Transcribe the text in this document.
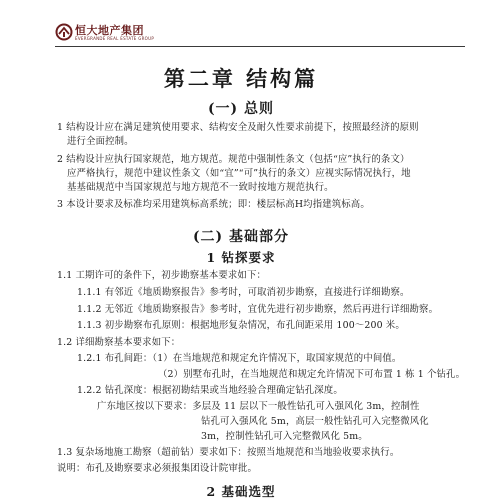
恒大地产集团
EVERGRANDE REAL ESTATE GROUP
第二章 结构篇
(一) 总则
1 结构设计应在满足建筑使用要求、结构安全及耐久性要求前提下，按照最经济的原则
进行全面控制。
2 结构设计应执行国家规范，地方规范。规范中强制性条文（包括“应”执行的条文）
应严格执行，规范中建议性条文（如“宜”“可”执行的条文）应视实际情况执行，地
基基础规范中当国家规范与地方规范不一致时按地方规范执行。
3 本设计要求及标准均采用建筑标高系统；即：楼层标高H均指建筑标高。
(二) 基础部分
1 钻探要求
1.1 工期许可的条件下，初步勘察基本要求如下：
1.1.1 有邻近《地质勘察报告》参考时，可取消初步勘察，直接进行详细勘察。
1.1.2 无邻近《地质勘察报告》参考时，宜优先进行初步勘察，然后再进行详细勘察。
1.1.3 初步勘察布孔原则：根据地形复杂情况，布孔间距采用 100～200 米。
1.2 详细勘察基本要求如下：
1.2.1 布孔间距：（1）在当地规范和规定允许情况下，取国家规范的中间值。
（2）别墅布孔时，在当地规范和规定允许情况下可布置 1 栋 1 个钻孔。
1.2.2 钻孔深度：根据初勘结果或当地经验合理确定钻孔深度。
广东地区按以下要求：多层及 11 层以下一般性钻孔可入强风化 3m，控制性
钻孔可入强风化 5m，高层一般性钻孔可入完整微风化
3m，控制性钻孔可入完整微风化 5m。
1.3 复杂场地施工勘察（超前钻）要求如下：按照当地规范和当地验收要求执行。
说明：布孔及勘察要求必须报集团设计院审批。
2 基础选型
